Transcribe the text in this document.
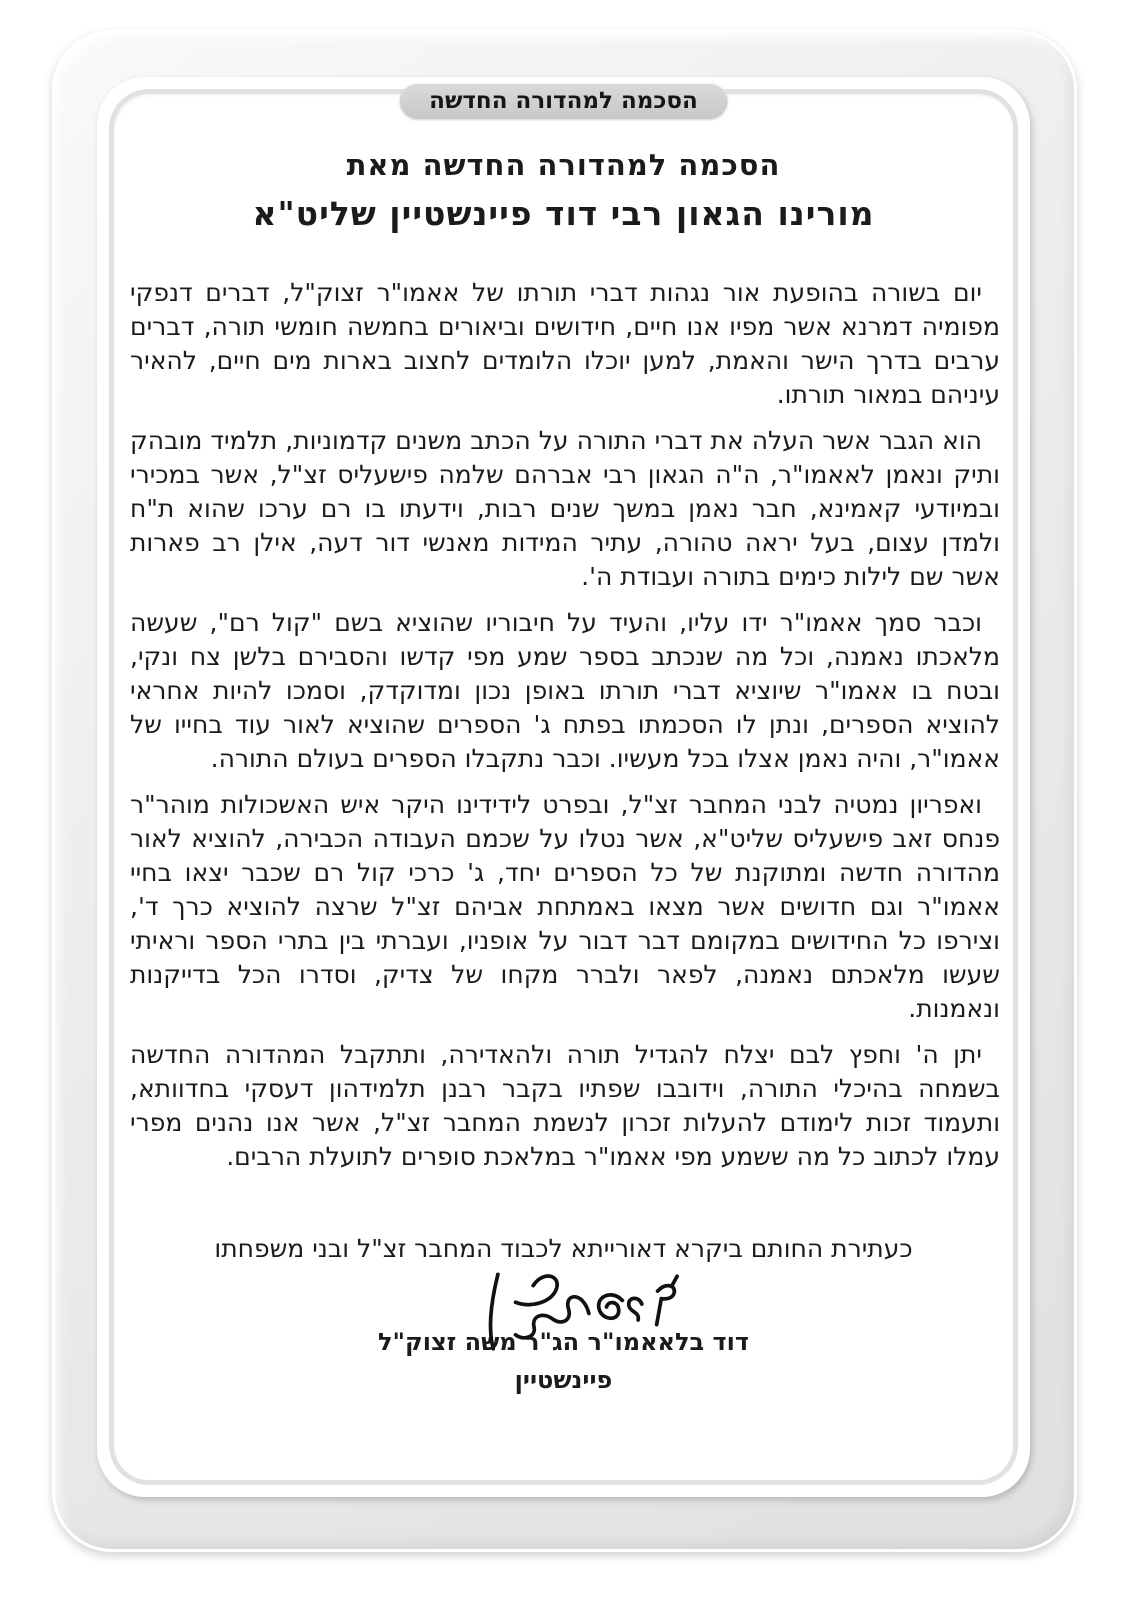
הסכמה למהדורה החדשה
הסכמה למהדורה החדשה מאת
מורינו הגאון רבי דוד פיינשטיין שליט"א

יום בשורה בהופעת אור נגהות דברי תורתו של אאמו"ר זצוק"ל, דברים דנפקי מפומיה דמרנא אשר מפיו אנו חיים, חידושים וביאורים בחמשה חומשי תורה, דברים ערבים בדרך הישר והאמת, למען יוכלו הלומדים לחצוב בארות מים חיים, להאיר עיניהם במאור תורתו.

הוא הגבר אשר העלה את דברי התורה על הכתב משנים קדמוניות, תלמיד מובהק ותיק ונאמן לאאמו"ר, ה"ה הגאון רבי אברהם שלמה פישעליס זצ"ל, אשר במכירי ובמיודעי קאמינא, חבר נאמן במשך שנים רבות, וידעתו בו רם ערכו שהוא ת"ח ולמדן עצום, בעל יראה טהורה, עתיר המידות מאנשי דור דעה, אילן רב פארות אשר שם לילות כימים בתורה ועבודת ה'.

וכבר סמך אאמו"ר ידו עליו, והעיד על חיבוריו שהוציא בשם "קול רם", שעשה מלאכתו נאמנה, וכל מה שנכתב בספר שמע מפי קדשו והסבירם בלשן צח ונקי, ובטח בו אאמו"ר שיוציא דברי תורתו באופן נכון ומדוקדק, וסמכו להיות אחראי להוציא הספרים, ונתן לו הסכמתו בפתח ג' הספרים שהוציא לאור עוד בחייו של אאמו"ר, והיה נאמן אצלו בכל מעשיו. וכבר נתקבלו הספרים בעולם התורה.

ואפריון נמטיה לבני המחבר זצ"ל, ובפרט לידידינו היקר איש האשכולות מוהר"ר פנחס זאב פישעליס שליט"א, אשר נטלו על שכמם העבודה הכבירה, להוציא לאור מהדורה חדשה ומתוקנת של כל הספרים יחד, ג' כרכי קול רם שכבר יצאו בחיי אאמו"ר וגם חדושים אשר מצאו באמתחת אביהם זצ"ל שרצה להוציא כרך ד', וצירפו כל החידושים במקומם דבר דבור על אופניו, ועברתי בין בתרי הספר וראיתי שעשו מלאכתם נאמנה, לפאר ולברר מקחו של צדיק, וסדרו הכל בדייקנות ונאמנות.

יתן ה' וחפץ לבם יצלח להגדיל תורה ולהאדירה, ותתקבל המהדורה החדשה בשמחה בהיכלי התורה, וידובבו שפתיו בקבר רבנן תלמידהון דעסקי בחדוותא, ותעמוד זכות לימודם להעלות זכרון לנשמת המחבר זצ"ל, אשר אנו נהנים מפרי עמלו לכתוב כל מה ששמע מפי אאמו"ר במלאכת סופרים לתועלת הרבים.

כעתירת החותם ביקרא דאורייתא לכבוד המחבר זצ"ל ובני משפחתו
דוד בלאאמו"ר הג"ר משה זצוק"ל
פיינשטיין
